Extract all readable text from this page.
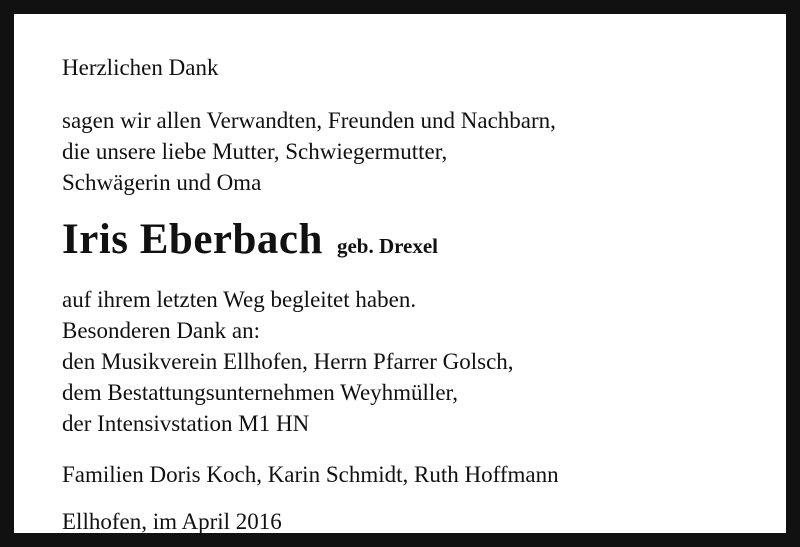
Herzlichen Dank
sagen wir allen Verwandten, Freunden und Nachbarn,
die unsere liebe Mutter, Schwiegermutter,
Schwägerin und Oma
Iris Eberbach geb. Drexel
auf ihrem letzten Weg begleitet haben.
Besonderen Dank an:
den Musikverein Ellhofen, Herrn Pfarrer Golsch,
dem Bestattungsunternehmen Weyhmüller,
der Intensivstation M1 HN
Familien Doris Koch, Karin Schmidt, Ruth Hoffmann
Ellhofen, im April 2016
